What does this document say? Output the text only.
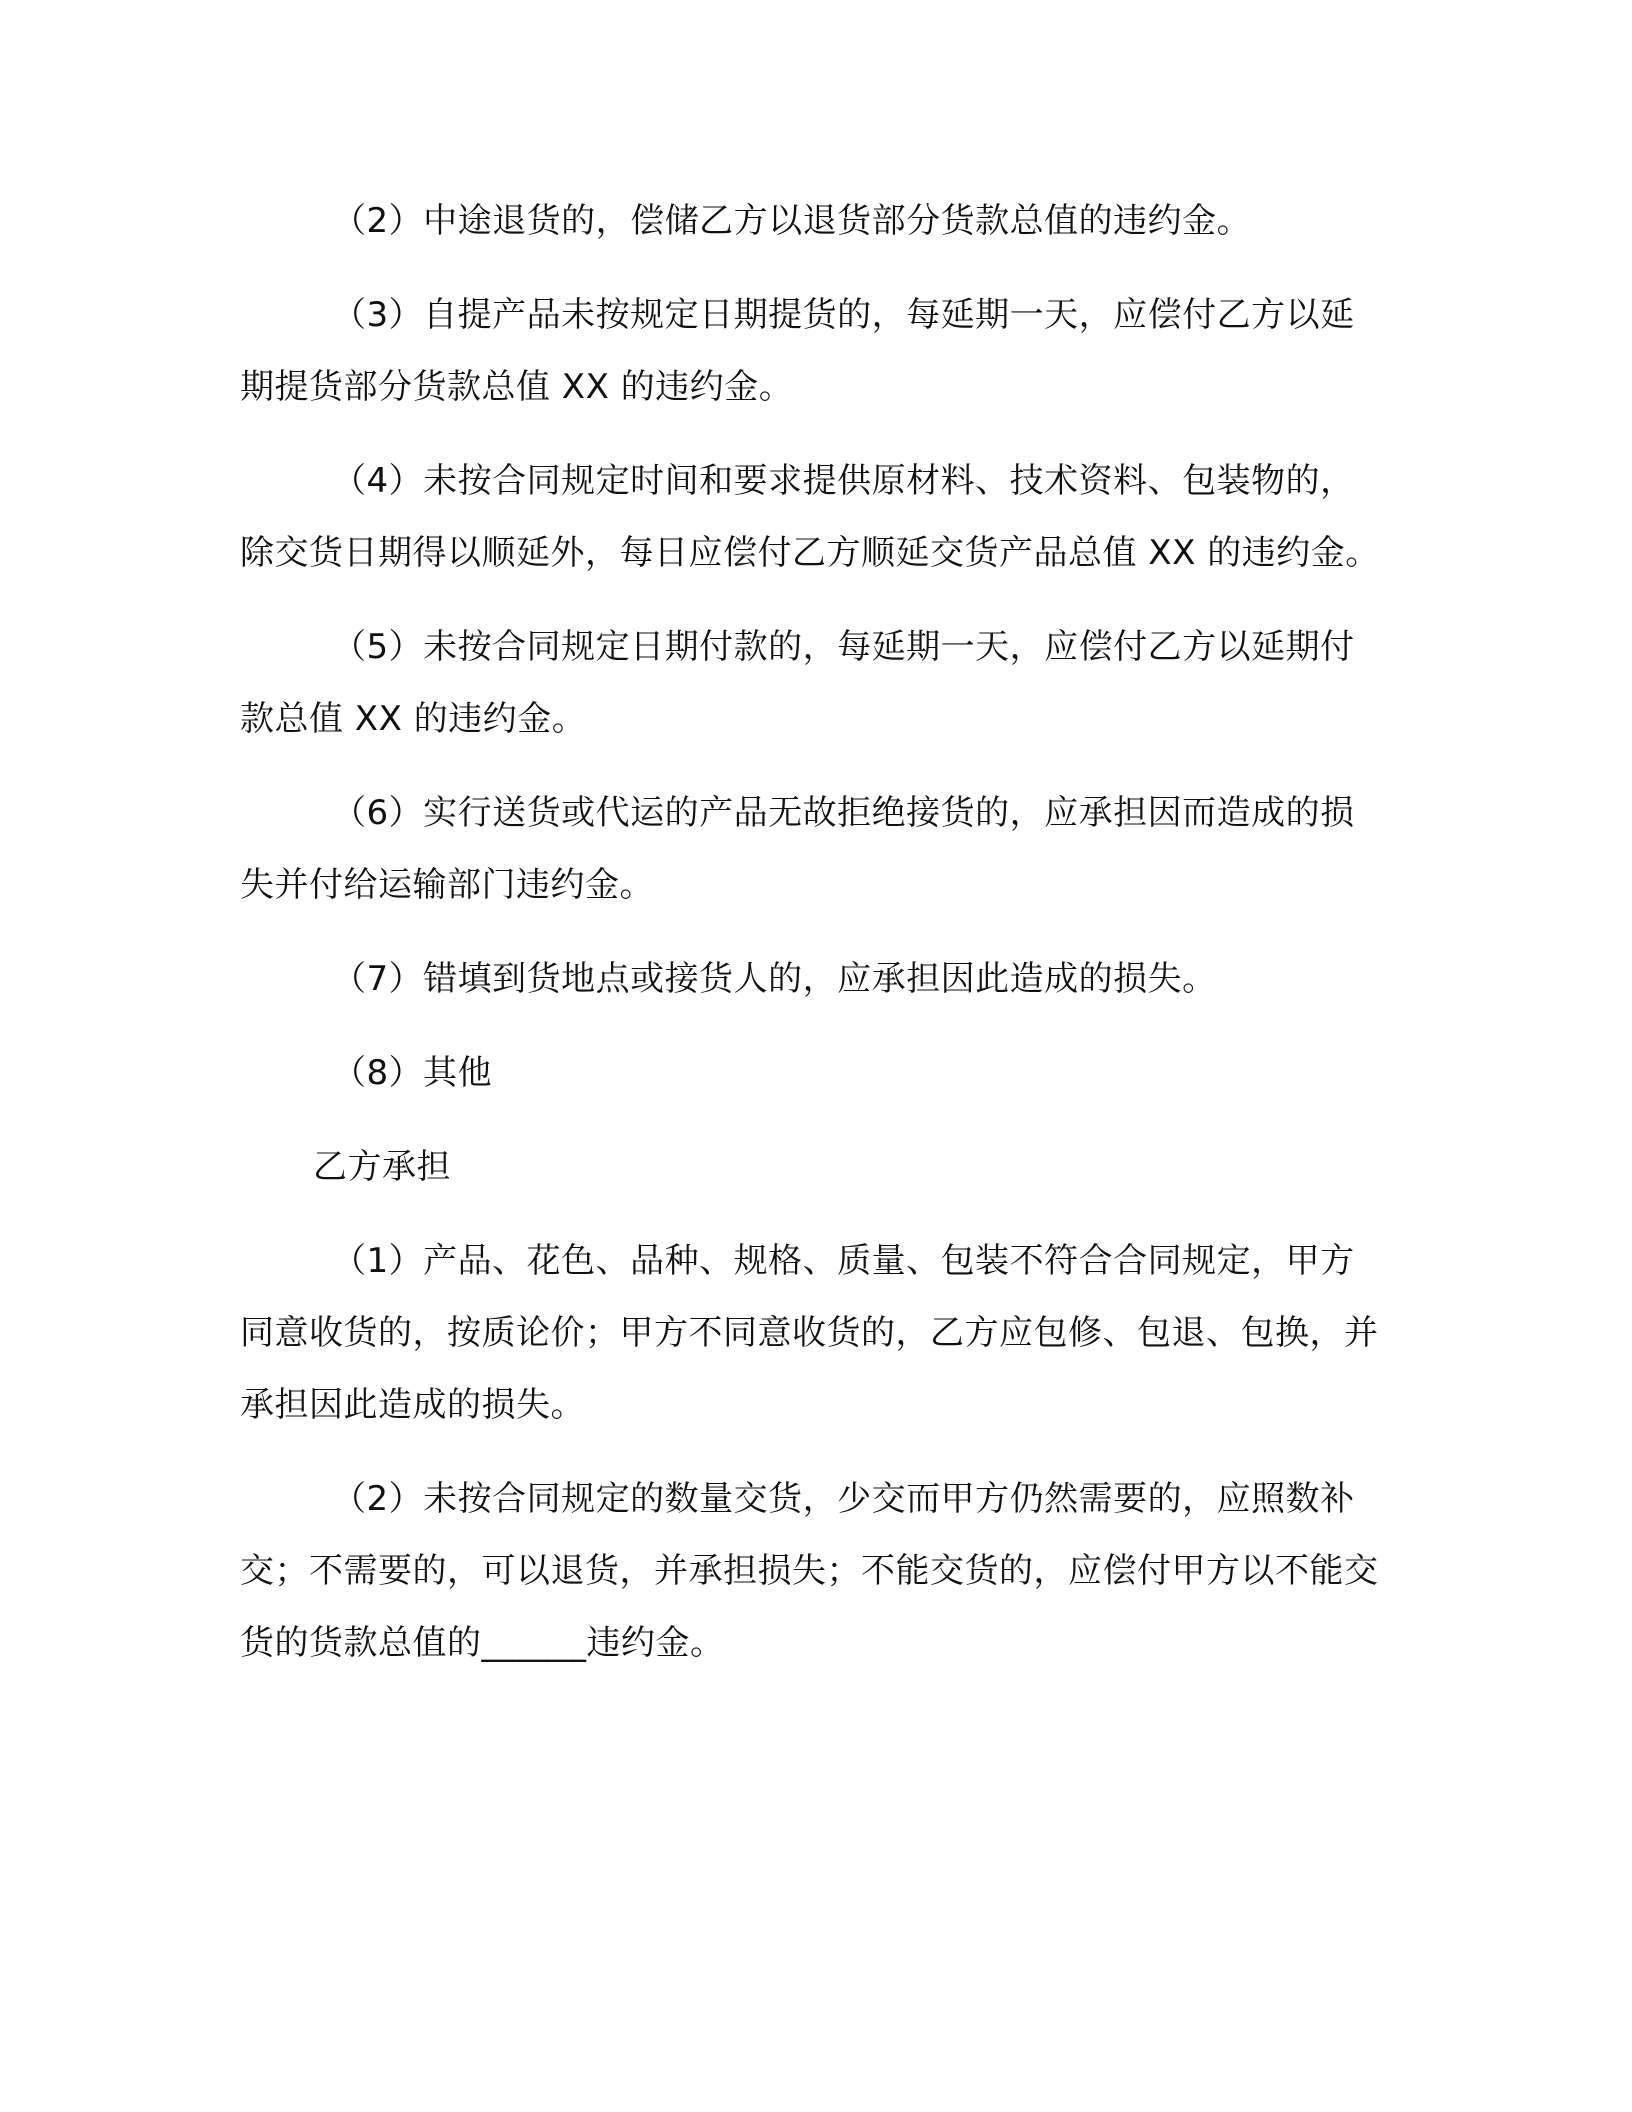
（2）中途退货的，偿储乙方以退货部分货款总值的违约金。

（3）自提产品未按规定日期提货的，每延期一天，应偿付乙方以延期提货部分货款总值 XX 的违约金。

（4）未按合同规定时间和要求提供原材料、技术资料、包装物的，除交货日期得以顺延外，每日应偿付乙方顺延交货产品总值 XX 的违约金。

（5）未按合同规定日期付款的，每延期一天，应偿付乙方以延期付款总值 XX 的违约金。

（6）实行送货或代运的产品无故拒绝接货的，应承担因而造成的损失并付给运输部门违约金。

（7）错填到货地点或接货人的，应承担因此造成的损失。

（8）其他

乙方承担

（1）产品、花色、品种、规格、质量、包装不符合合同规定，甲方同意收货的，按质论价；甲方不同意收货的，乙方应包修、包退、包换，并承担因此造成的损失。

（2）未按合同规定的数量交货，少交而甲方仍然需要的，应照数补交；不需要的，可以退货，并承担损失；不能交货的，应偿付甲方以不能交货的货款总值的______违约金。
